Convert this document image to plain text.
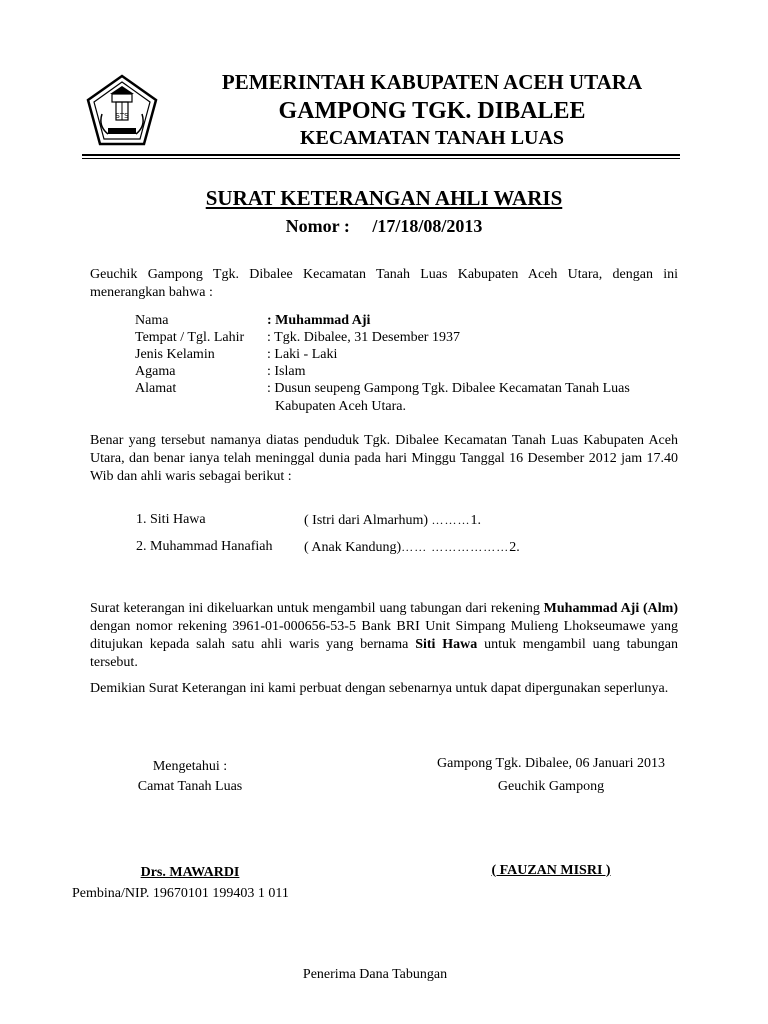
STS
PEMERINTAH KABUPATEN ACEH UTARA
GAMPONG TGK. DIBALEE
KECAMATAN TANAH LUAS
SURAT KETERANGAN AHLI WARIS
Nomor :     /17/18/08/2013
Geuchik Gampong Tgk. Dibalee Kecamatan Tanah Luas Kabupaten Aceh Utara, dengan ini menerangkan bahwa :
Nama	: Muhammad Aji
Tempat / Tgl. Lahir : Tgk. Dibalee, 31 Desember 1937
Jenis Kelamin	: Laki - Laki
Agama	: Islam
Alamat	: Dusun seupeng Gampong Tgk. Dibalee Kecamatan Tanah Luas
Kabupaten Aceh Utara.
Benar yang tersebut namanya diatas penduduk Tgk. Dibalee Kecamatan Tanah Luas Kabupaten Aceh Utara, dan benar ianya telah meninggal dunia pada hari Minggu Tanggal 16 Desember 2012 jam 17.40 Wib dan ahli waris sebagai berikut :
1. Siti Hawa	( Istri dari Almarhum) ………1.
2. Muhammad Hanafiah ( Anak Kandung)…… ………………2.
Surat keterangan ini dikeluarkan untuk mengambil uang tabungan dari rekening Muhammad Aji (Alm) dengan nomor rekening 3961-01-000656-53-5 Bank BRI Unit Simpang Mulieng Lhokseumawe yang ditujukan kepada salah satu ahli waris yang bernama Siti Hawa untuk mengambil uang tabungan tersebut.
Demikian Surat Keterangan ini kami perbuat dengan sebenarnya untuk dapat dipergunakan seperlunya.
Mengetahui :
Camat Tanah Luas
Drs. MAWARDI
Pembina/NIP. 19670101 199403 1 011
Gampong Tgk. Dibalee, 06 Januari 2013
Geuchik Gampong
( FAUZAN MISRI )
Penerima Dana Tabungan
